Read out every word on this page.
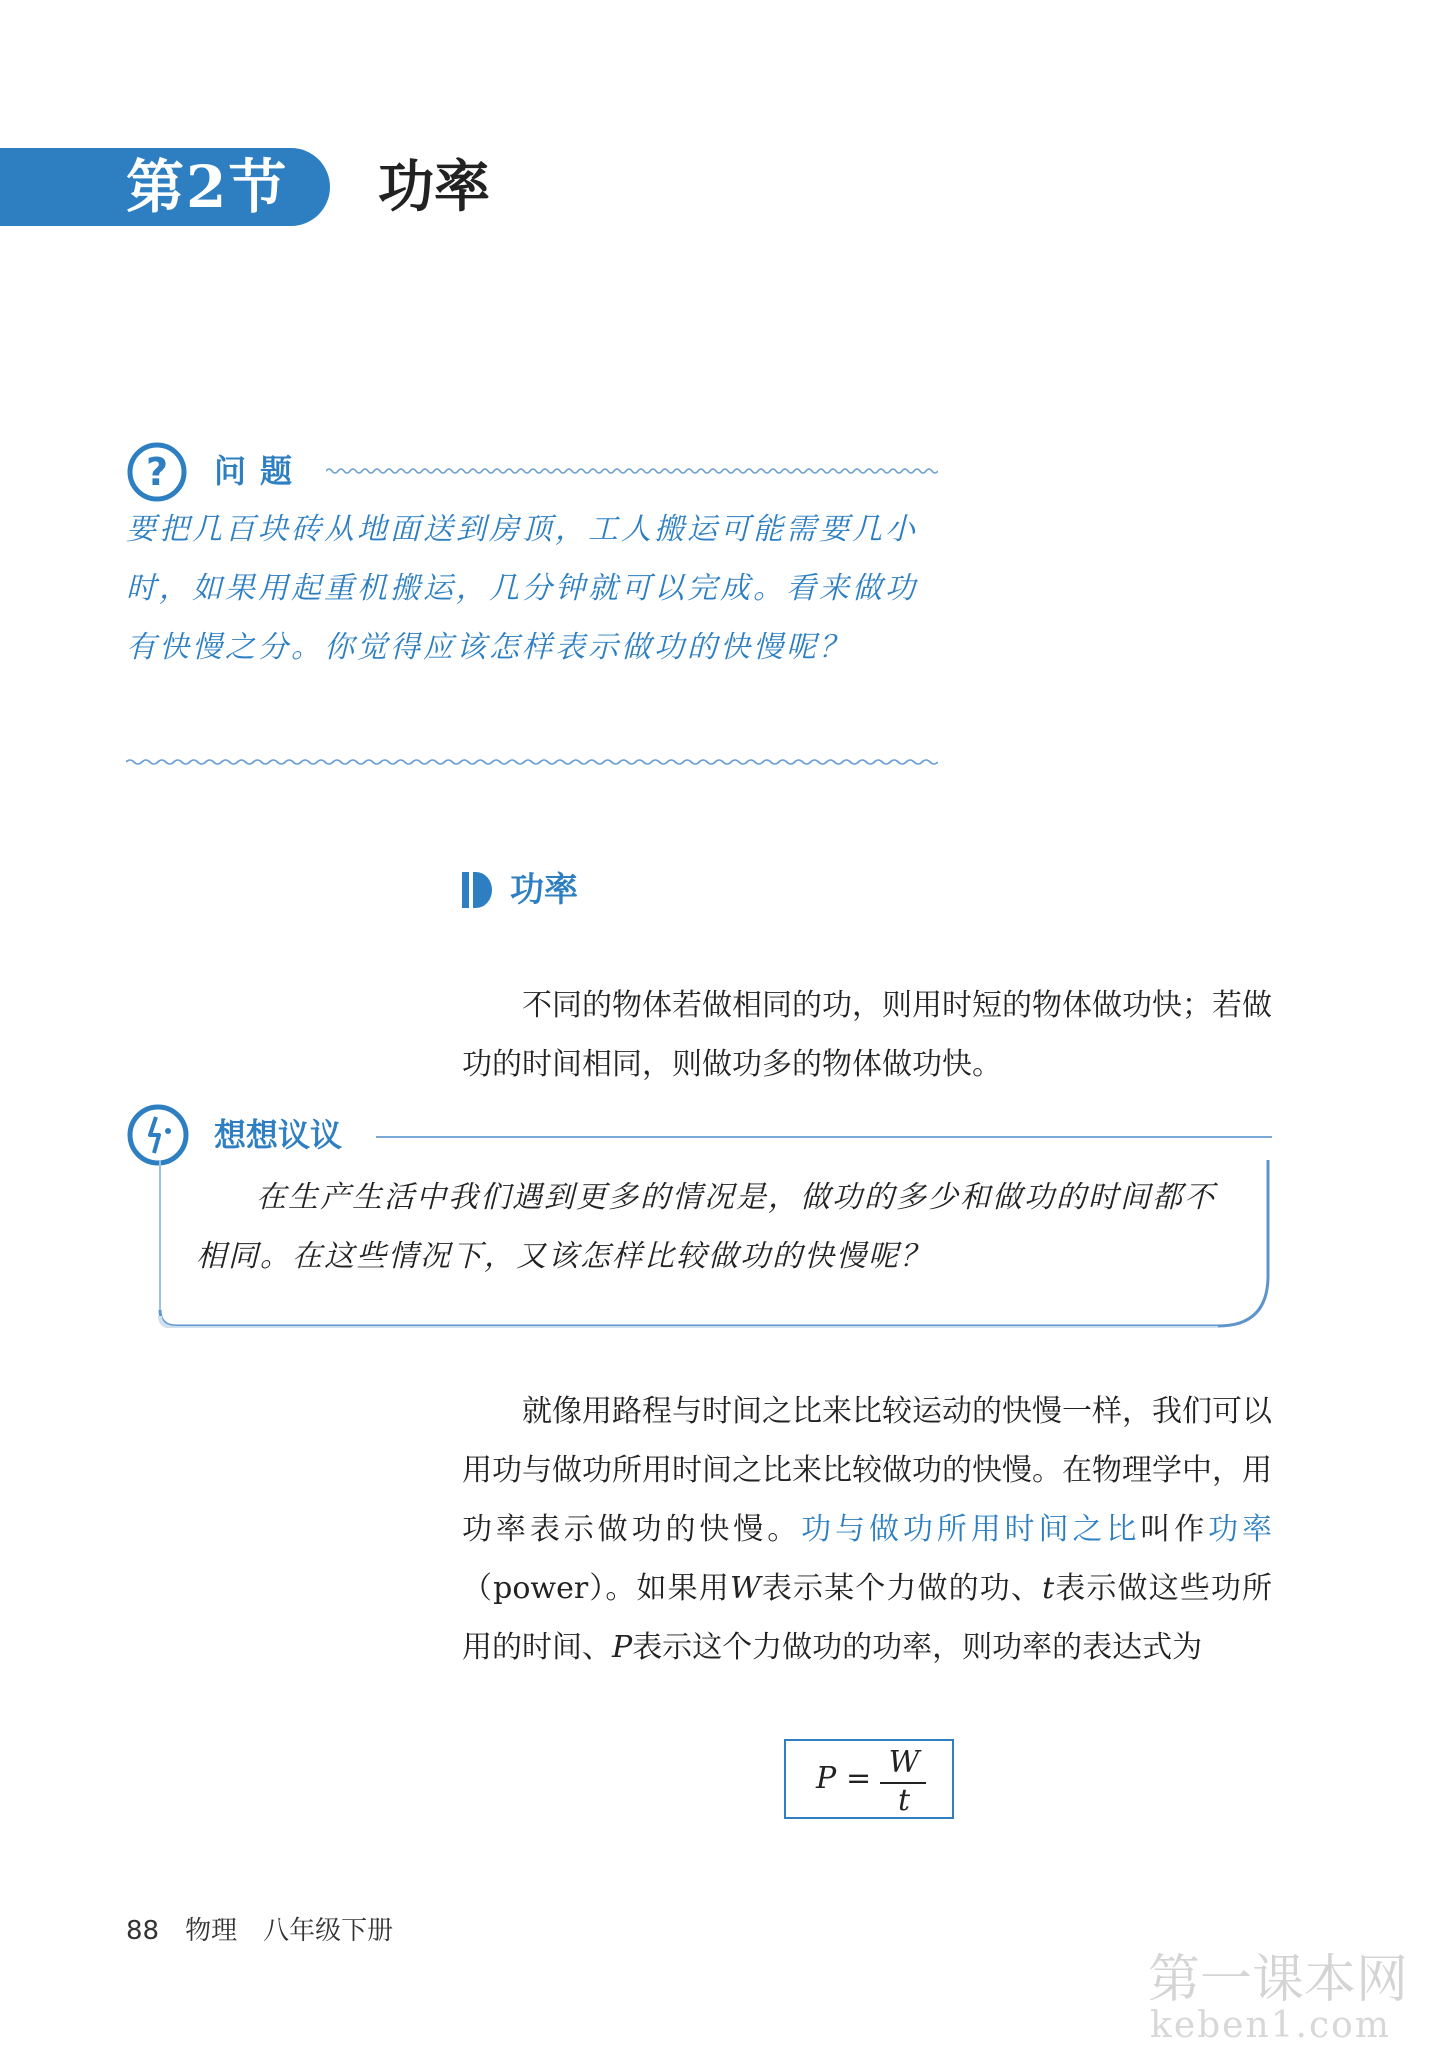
第2节 功率
? 问题
要把几百块砖从地面送到房顶，工人搬运可能需要几小时，如果用起重机搬运，几分钟就可以完成。看来做功有快慢之分。你觉得应该怎样表示做功的快慢呢？
功率
不同的物体若做相同的功，则用时短的物体做功快；若做功的时间相同，则做功多的物体做功快。
想想议议
在生产生活中我们遇到更多的情况是，做功的多少和做功的时间都不相同。在这些情况下，又该怎样比较做功的快慢呢？
就像用路程与时间之比来比较运动的快慢一样，我们可以用功与做功所用时间之比来比较做功的快慢。在物理学中，用功率表示做功的快慢。功与做功所用时间之比叫作功率（power）。如果用W表示某个力做的功、t表示做这些功所用的时间、P表示这个力做功的功率，则功率的表达式为
P = W
t
88 物理 八年级下册
第一课本网
keben1.com
